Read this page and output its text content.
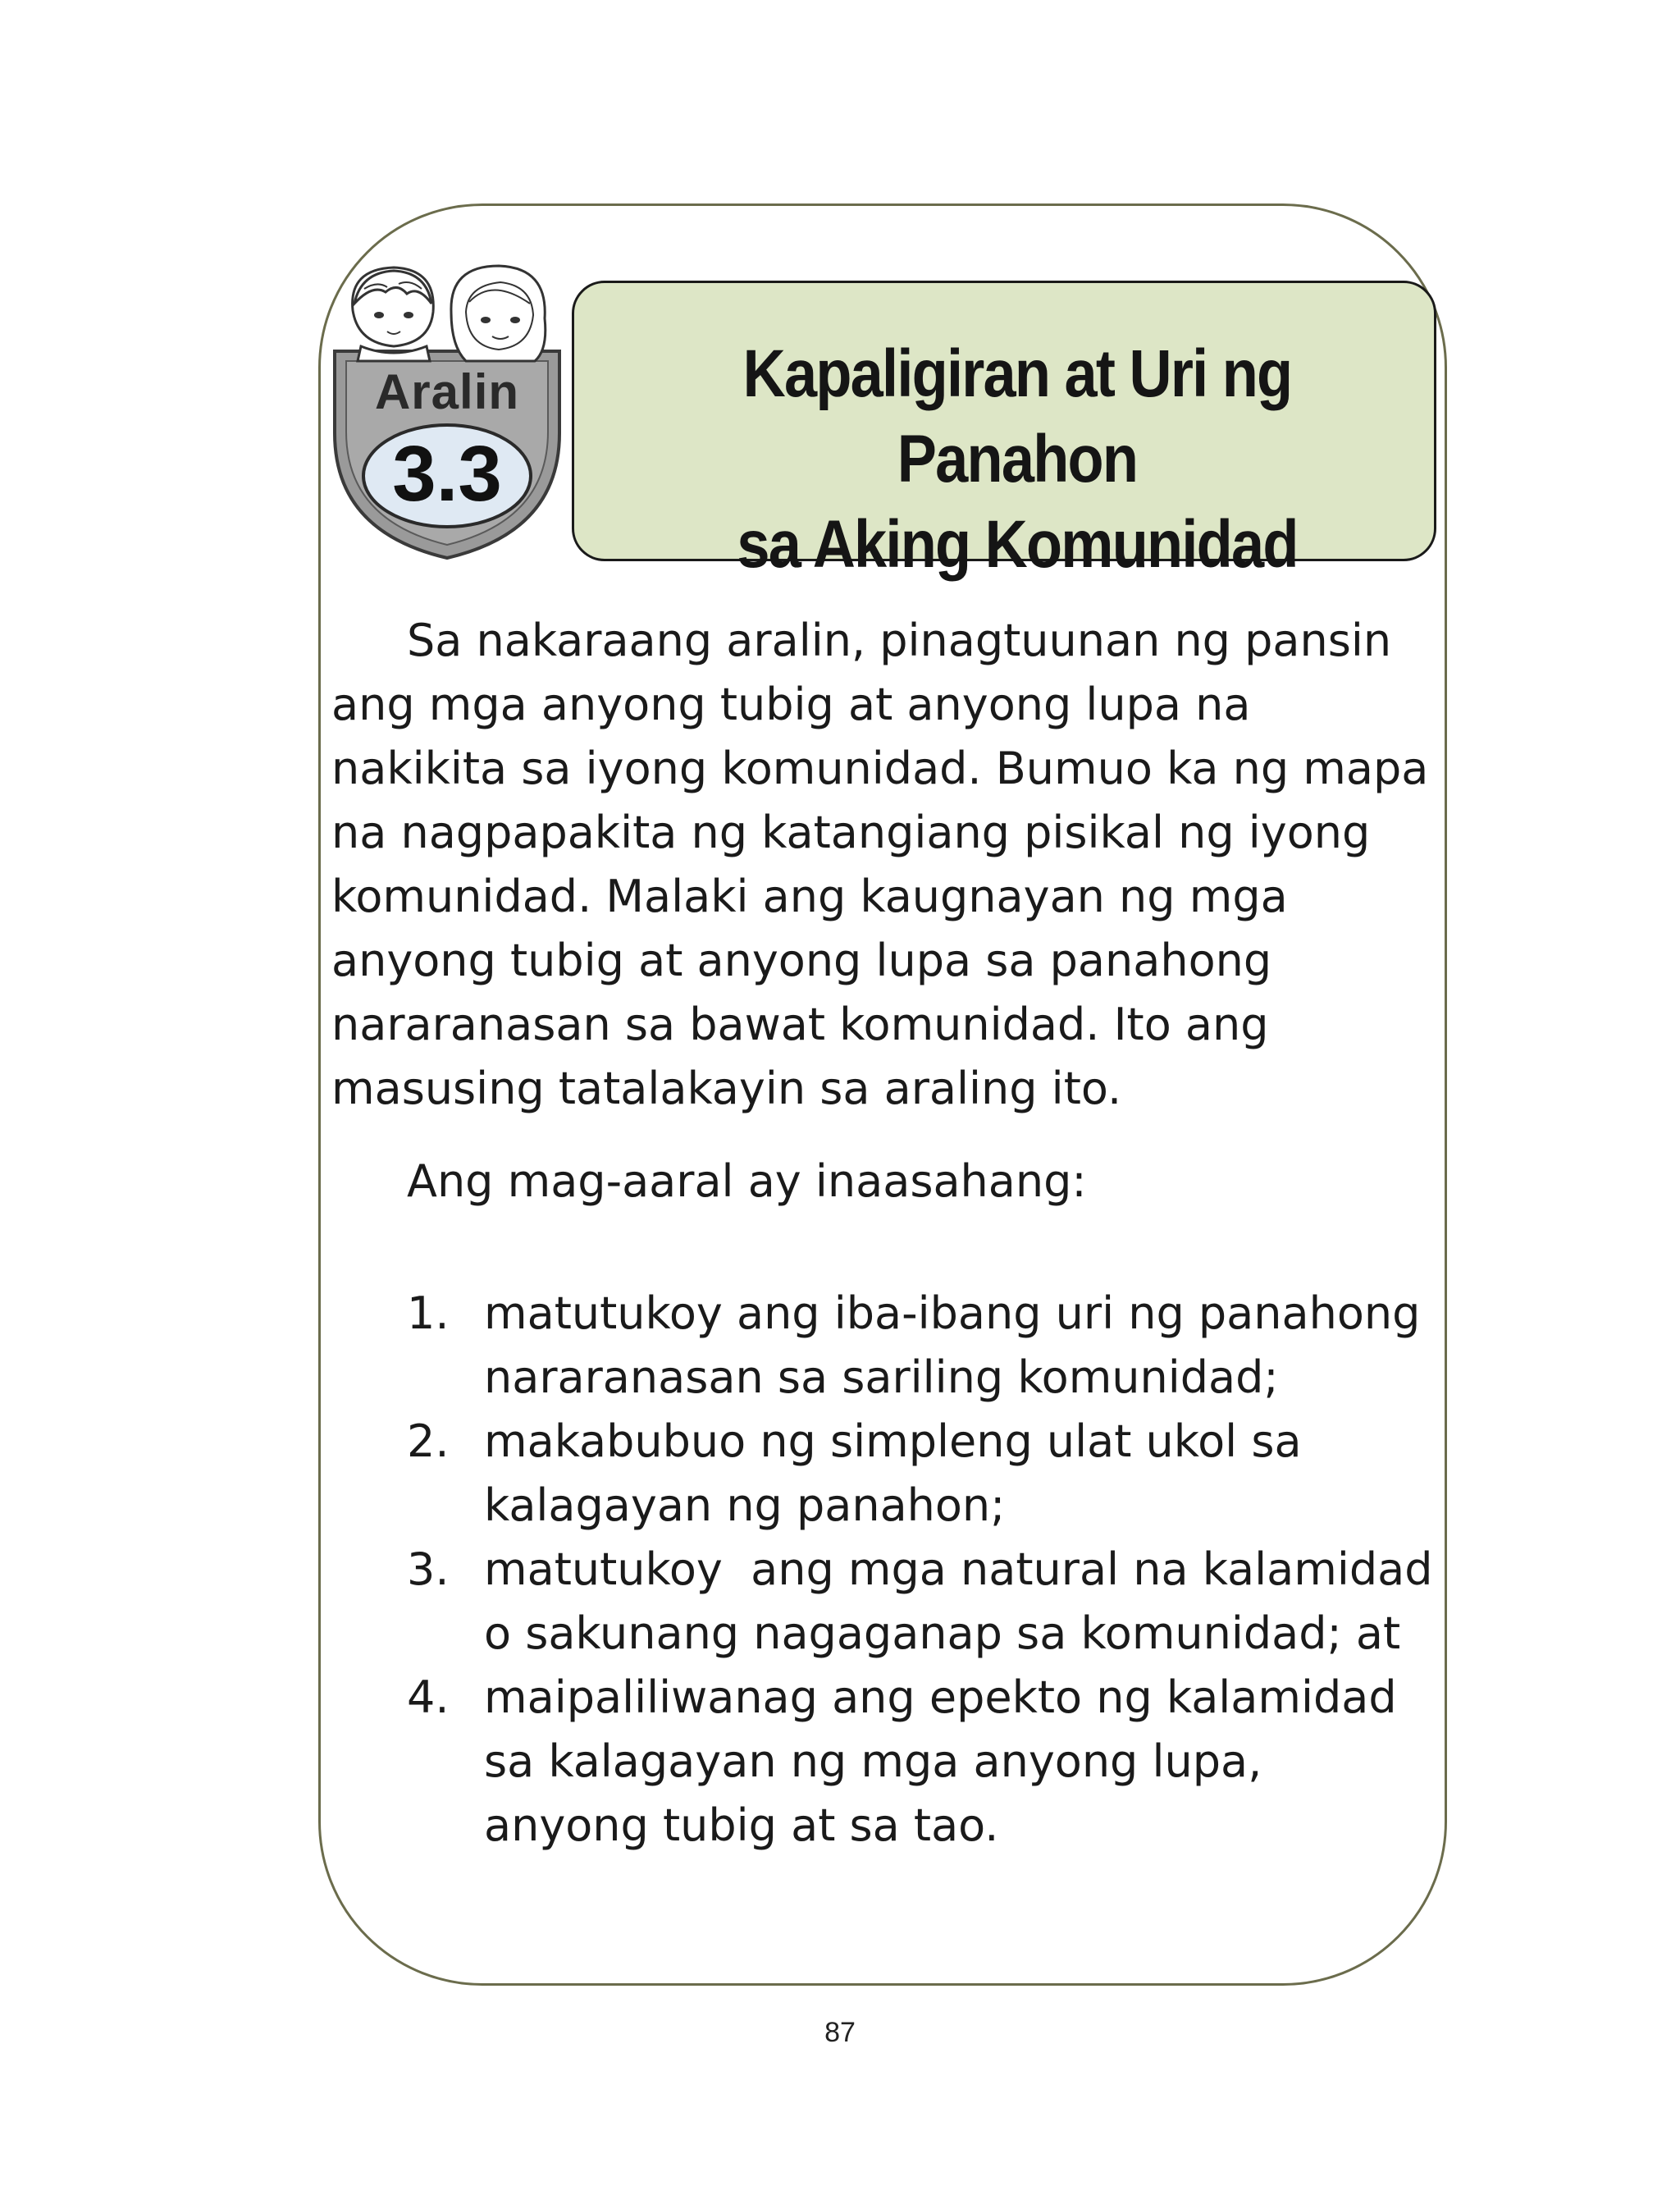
Aralin
3.3
Kapaligiran at Uri ng Panahon
sa Aking Komunidad
Sa nakaraang aralin, pinagtuunan ng pansin
ang mga anyong tubig at anyong lupa na
nakikita sa iyong komunidad. Bumuo ka ng mapa
na nagpapakita ng katangiang pisikal ng iyong
komunidad. Malaki ang kaugnayan ng mga
anyong tubig at anyong lupa sa panahong
nararanasan sa bawat komunidad. Ito ang
masusing tatalakayin sa araling ito.
Ang mag-aaral ay inaasahang:
1. matutukoy ang iba-ibang uri ng panahong
nararanasan sa sariling komunidad;
2. makabubuo ng simpleng ulat ukol sa
kalagayan ng panahon;
3. matutukoy  ang mga natural na kalamidad
o sakunang nagaganap sa komunidad; at
4. maipaliliwanag ang epekto ng kalamidad
sa kalagayan ng mga anyong lupa,
anyong tubig at sa tao.
87
